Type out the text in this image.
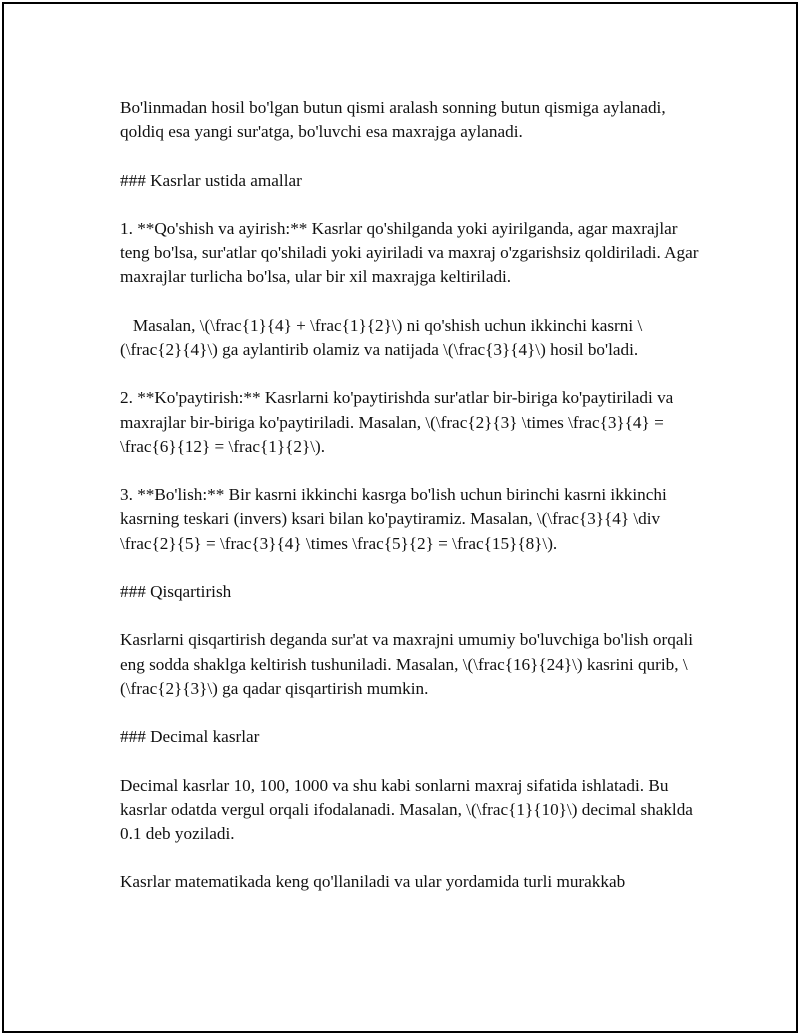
Bo'linmadan hosil bo'lgan butun qismi aralash sonning butun qismiga aylanadi, qoldiq esa yangi sur'atga, bo'luvchi esa maxrajga aylanadi.

### Kasrlar ustida amallar

1. **Qo'shish va ayirish:** Kasrlar qo'shilganda yoki ayirilganda, agar maxrajlar teng bo'lsa, sur'atlar qo'shiladi yoki ayiriladi va maxraj o'zgarishsiz qoldiriladi. Agar maxrajlar turlicha bo'lsa, ular bir xil maxrajga keltiriladi.

Masalan, \(\frac{1}{4} + \frac{1}{2}\) ni qo'shish uchun ikkinchi kasrni \(\frac{2}{4}\) ga aylantirib olamiz va natijada \(\frac{3}{4}\) hosil bo'ladi.

2. **Ko'paytirish:** Kasrlarni ko'paytirishda sur'atlar bir-biriga ko'paytiriladi va maxrajlar bir-biriga ko'paytiriladi. Masalan, \(\frac{2}{3} \times \frac{3}{4} = \frac{6}{12} = \frac{1}{2}\).

3. **Bo'lish:** Bir kasrni ikkinchi kasrga bo'lish uchun birinchi kasrni ikkinchi kasrning teskari (invers) ksari bilan ko'paytiramiz. Masalan, \(\frac{3}{4} \div \frac{2}{5} = \frac{3}{4} \times \frac{5}{2} = \frac{15}{8}\).

### Qisqartirish

Kasrlarni qisqartirish deganda sur'at va maxrajni umumiy bo'luvchiga bo'lish orqali eng sodda shaklga keltirish tushuniladi. Masalan, \(\frac{16}{24}\) kasrini qurib, \(\frac{2}{3}\) ga qadar qisqartirish mumkin.

### Decimal kasrlar

Decimal kasrlar 10, 100, 1000 va shu kabi sonlarni maxraj sifatida ishlatadi. Bu kasrlar odatda vergul orqali ifodalanadi. Masalan, \(\frac{1}{10}\) decimal shaklda 0.1 deb yoziladi.

Kasrlar matematikada keng qo'llaniladi va ular yordamida turli murakkab
